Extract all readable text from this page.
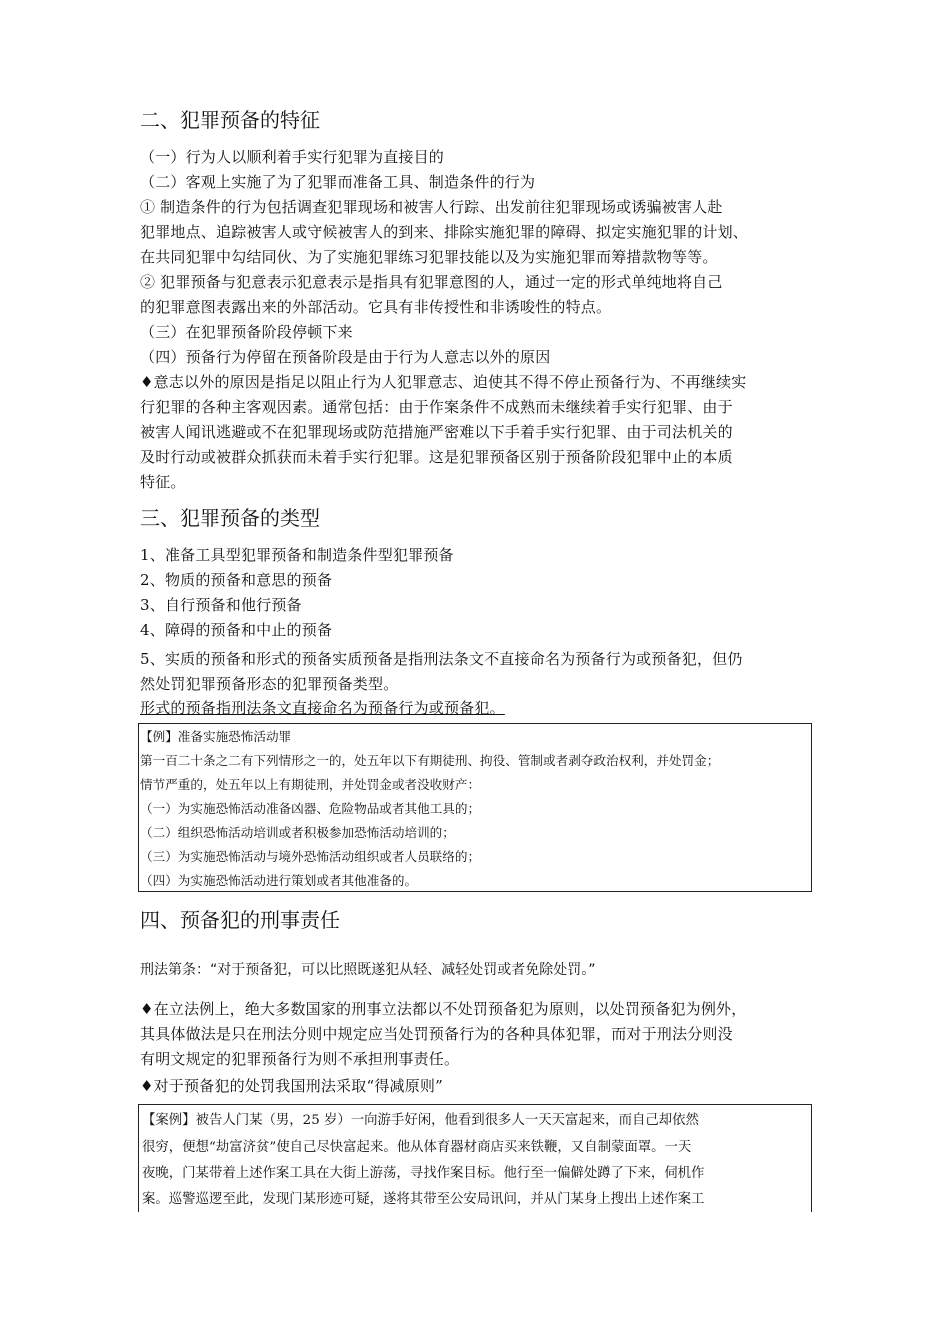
二、犯罪预备的特征
（一）行为人以顺利着手实行犯罪为直接目的
（二）客观上实施了为了犯罪而准备工具、制造条件的行为
① 制造条件的行为包括调查犯罪现场和被害人行踪、出发前往犯罪现场或诱骗被害人赴
犯罪地点、追踪被害人或守候被害人的到来、排除实施犯罪的障碍、拟定实施犯罪的计划、
在共同犯罪中勾结同伙、为了实施犯罪练习犯罪技能以及为实施犯罪而筹措款物等等。
② 犯罪预备与犯意表示犯意表示是指具有犯罪意图的人，通过一定的形式单纯地将自己
的犯罪意图表露出来的外部活动。它具有非传授性和非诱唆性的特点。
（三）在犯罪预备阶段停顿下来
（四）预备行为停留在预备阶段是由于行为人意志以外的原因
♦意志以外的原因是指足以阻止行为人犯罪意志、迫使其不得不停止预备行为、不再继续实
行犯罪的各种主客观因素。通常包括：由于作案条件不成熟而未继续着手实行犯罪、由于
被害人闻讯逃避或不在犯罪现场或防范措施严密难以下手着手实行犯罪、由于司法机关的
及时行动或被群众抓获而未着手实行犯罪。这是犯罪预备区别于预备阶段犯罪中止的本质
特征。
三、犯罪预备的类型
1、准备工具型犯罪预备和制造条件型犯罪预备
2、物质的预备和意思的预备
3、自行预备和他行预备
4、障碍的预备和中止的预备
5、实质的预备和形式的预备实质预备是指刑法条文不直接命名为预备行为或预备犯，但仍
然处罚犯罪预备形态的犯罪预备类型。
形式的预备指刑法条文直接命名为预备行为或预备犯。
【例】准备实施恐怖活动罪
第一百二十条之二有下列情形之一的，处五年以下有期徒刑、拘役、管制或者剥夺政治权利，并处罚金；
情节严重的，处五年以上有期徒刑，并处罚金或者没收财产：
（一）为实施恐怖活动准备凶器、危险物品或者其他工具的；
（二）组织恐怖活动培训或者积极参加恐怖活动培训的；
（三）为实施恐怖活动与境外恐怖活动组织或者人员联络的；
（四）为实施恐怖活动进行策划或者其他准备的。
四、预备犯的刑事责任
刑法第条：“对于预备犯，可以比照既遂犯从轻、减轻处罚或者免除处罚。”
♦在立法例上，绝大多数国家的刑事立法都以不处罚预备犯为原则，以处罚预备犯为例外，
其具体做法是只在刑法分则中规定应当处罚预备行为的各种具体犯罪，而对于刑法分则没
有明文规定的犯罪预备行为则不承担刑事责任。
♦对于预备犯的处罚我国刑法采取“得减原则”
【案例】被告人门某（男，25 岁）一向游手好闲，他看到很多人一天天富起来，而自己却依然
很穷，便想“劫富济贫”使自己尽快富起来。他从体育器材商店买来铁鞭，又自制蒙面罩。一天
夜晚，门某带着上述作案工具在大街上游荡，寻找作案目标。他行至一偏僻处蹲了下来，伺机作
案。巡警巡逻至此，发现门某形迹可疑，遂将其带至公安局讯问，并从门某身上搜出上述作案工
